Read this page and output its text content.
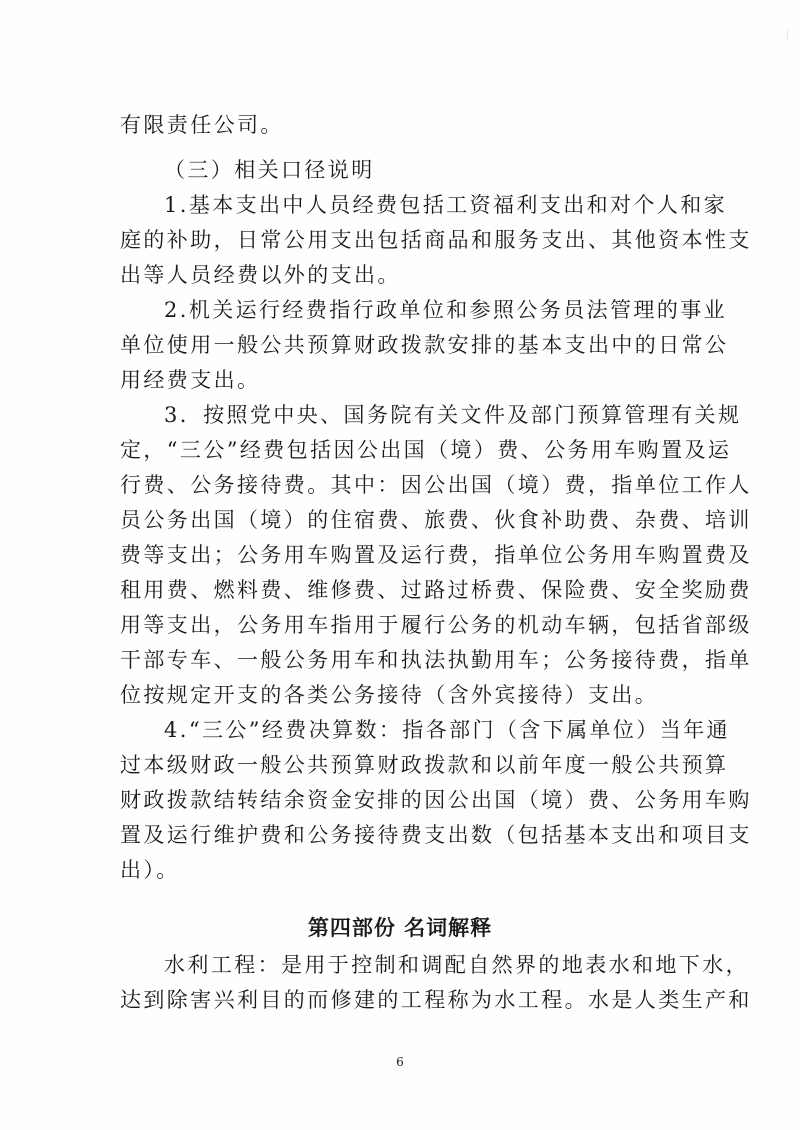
有限责任公司。
（三）相关口径说明
1.基本支出中人员经费包括工资福利支出和对个人和家
庭的补助，日常公用支出包括商品和服务支出、其他资本性支
出等人员经费以外的支出。
2.机关运行经费指行政单位和参照公务员法管理的事业
单位使用一般公共预算财政拨款安排的基本支出中的日常公
用经费支出。
3．按照党中央、国务院有关文件及部门预算管理有关规
定，“三公”经费包括因公出国（境）费、公务用车购置及运
行费、公务接待费。其中：因公出国（境）费，指单位工作人
员公务出国（境）的住宿费、旅费、伙食补助费、杂费、培训
费等支出；公务用车购置及运行费，指单位公务用车购置费及
租用费、燃料费、维修费、过路过桥费、保险费、安全奖励费
用等支出，公务用车指用于履行公务的机动车辆，包括省部级
干部专车、一般公务用车和执法执勤用车；公务接待费，指单
位按规定开支的各类公务接待（含外宾接待）支出。
4.“三公”经费决算数：指各部门（含下属单位）当年通
过本级财政一般公共预算财政拨款和以前年度一般公共预算
财政拨款结转结余资金安排的因公出国（境）费、公务用车购
置及运行维护费和公务接待费支出数（包括基本支出和项目支
出）。
第四部份 名词解释
水利工程：是用于控制和调配自然界的地表水和地下水，
达到除害兴利目的而修建的工程称为水工程。水是人类生产和
6
